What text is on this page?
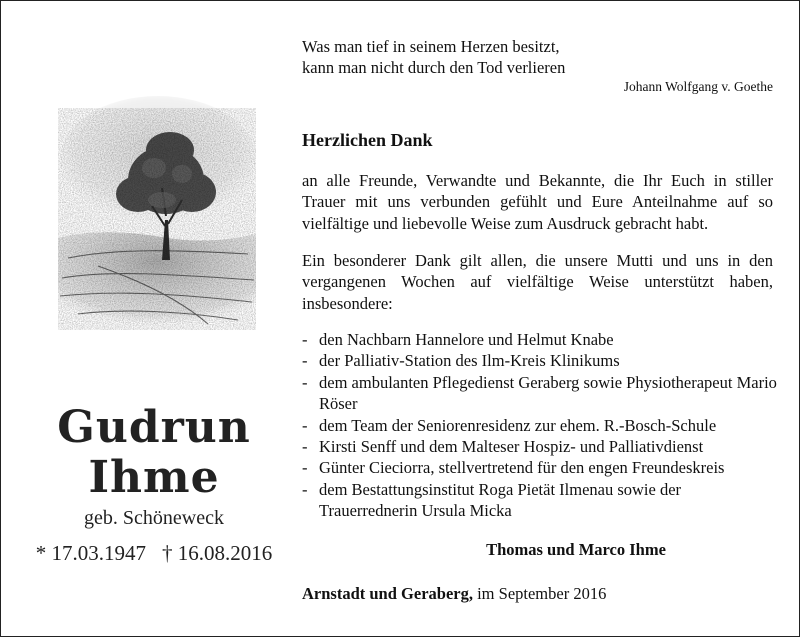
Gudrun
Ihme
geb. Schöneweck
* 17.03.1947 † 16.08.2016
Was man tief in seinem Herzen besitzt,
kann man nicht durch den Tod verlieren
Johann Wolfgang v. Goethe
Herzlichen Dank
an alle Freunde, Verwandte und Bekannte, die Ihr Euch in stiller Trauer mit uns verbunden gefühlt und Eure Anteilnahme auf so vielfältige und liebevolle Weise zum Ausdruck gebracht habt.
Ein besonderer Dank gilt allen, die unsere Mutti und uns in den vergangenen Wochen auf vielfältige Weise unterstützt haben, insbesondere:
- den Nachbarn Hannelore und Helmut Knabe
- der Palliativ-Station des Ilm-Kreis Klinikums
- dem ambulanten Pflegedienst Geraberg sowie Physiotherapeut Mario Röser
- dem Team der Seniorenresidenz zur ehem. R.-Bosch-Schule
- Kirsti Senff und dem Malteser Hospiz- und Palliativdienst
- Günter Cieciorra, stellvertretend für den engen Freundeskreis
- dem Bestattungsinstitut Roga Pietät Ilmenau sowie der Trauerrednerin Ursula Micka
Thomas und Marco Ihme
Arnstadt und Geraberg, im September 2016
